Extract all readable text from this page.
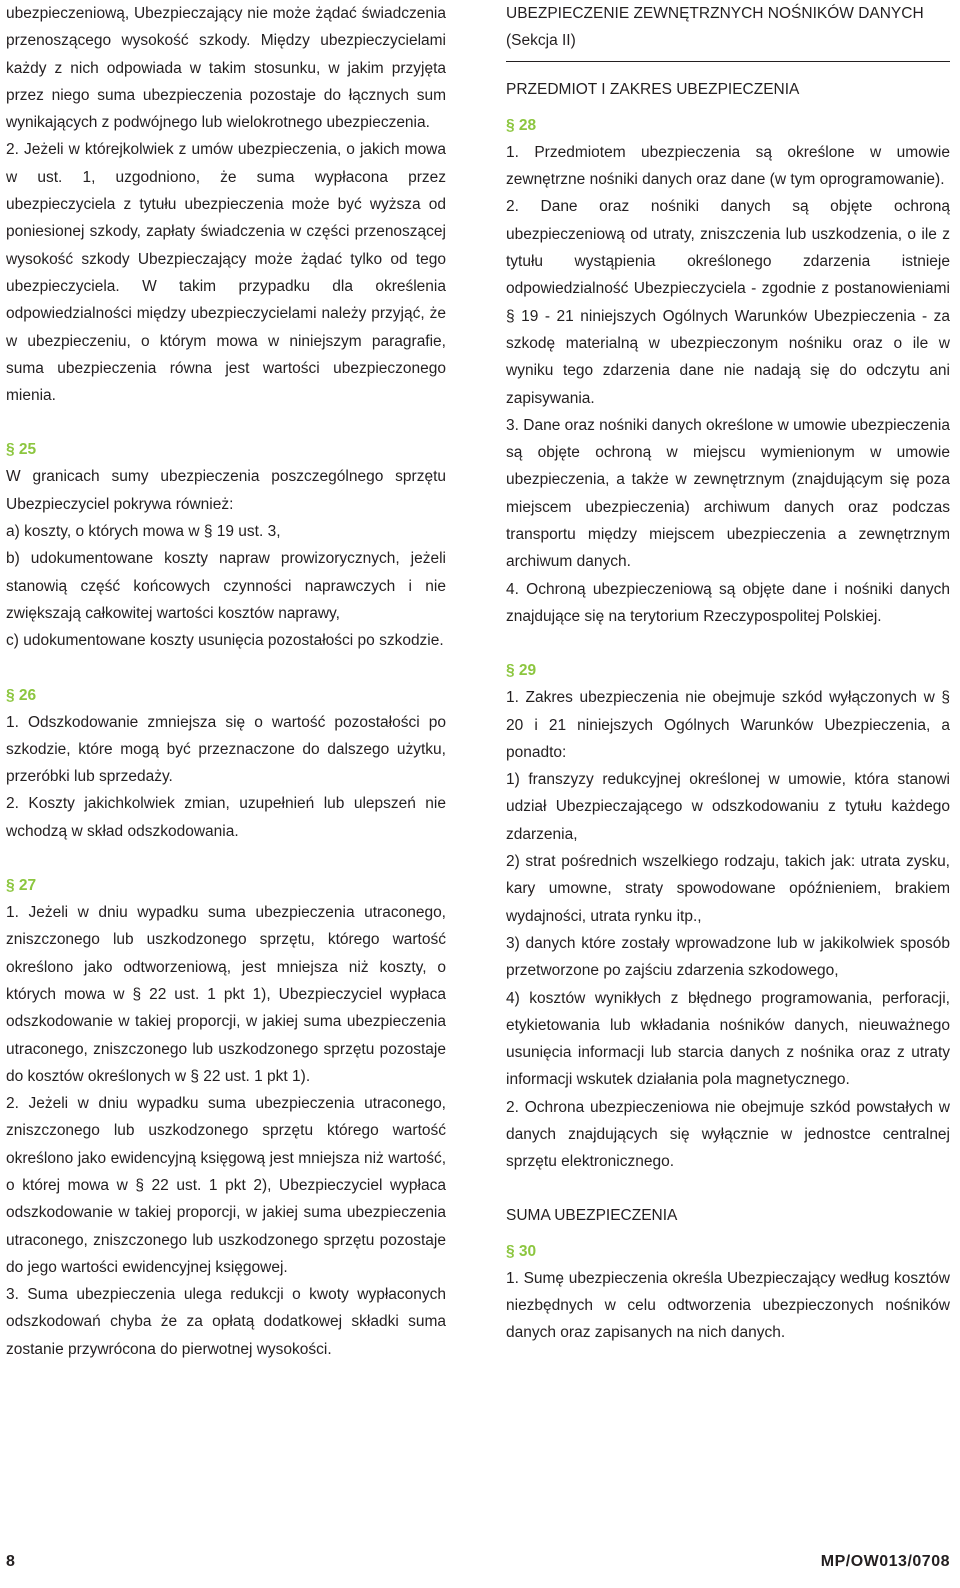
ubezpieczeniową, Ubezpieczający nie może żądać świadczenia przenoszącego wysokość szkody. Między ubezpieczycielami każdy z nich odpowiada w takim stosunku, w jakim przyjęta przez niego suma ubezpieczenia pozostaje do łącznych sum wynikających z podwójnego lub wielokrotnego ubezpieczenia.

2. Jeżeli w którejkolwiek z umów ubezpieczenia, o jakich mowa w ust. 1, uzgodniono, że suma wypłacona przez ubezpieczyciela z tytułu ubezpieczenia może być wyższa od poniesionej szkody, zapłaty świadczenia w części przenoszącej wysokość szkody Ubezpieczający może żądać tylko od tego ubezpieczyciela. W takim przypadku dla określenia odpowiedzialności między ubezpieczycielami należy przyjąć, że w ubezpieczeniu, o którym mowa w niniejszym paragrafie, suma ubezpieczenia równa jest wartości ubezpieczonego mienia.

§ 25

W granicach sumy ubezpieczenia poszczególnego sprzętu Ubezpieczyciel pokrywa również:

a) koszty, o których mowa w § 19 ust. 3,

b) udokumentowane koszty napraw prowizorycznych, jeżeli stanowią część końcowych czynności naprawczych i nie zwiększają całkowitej wartości kosztów naprawy,

c) udokumentowane koszty usunięcia pozostałości po szkodzie.

§ 26

1. Odszkodowanie zmniejsza się o wartość pozostałości po szkodzie, które mogą być przeznaczone do dalszego użytku, przeróbki lub sprzedaży.

2. Koszty jakichkolwiek zmian, uzupełnień lub ulepszeń nie wchodzą w skład odszkodowania.

§ 27

1. Jeżeli w dniu wypadku suma ubezpieczenia utraconego, zniszczonego lub uszkodzonego sprzętu, którego wartość określono jako odtworzeniową, jest mniejsza niż koszty, o których mowa w § 22 ust. 1 pkt 1), Ubezpieczyciel wypłaca odszkodowanie w takiej proporcji, w jakiej suma ubezpieczenia utraconego, zniszczonego lub uszkodzonego sprzętu pozostaje do kosztów określonych w § 22 ust. 1 pkt 1).

2. Jeżeli w dniu wypadku suma ubezpieczenia utraconego, zniszczonego lub uszkodzonego sprzętu którego wartość określono jako ewidencyjną księgową jest mniejsza niż wartość, o której mowa w § 22 ust. 1 pkt 2), Ubezpieczyciel wypłaca odszkodowanie w takiej proporcji, w jakiej suma ubezpieczenia utraconego, zniszczonego lub uszkodzonego sprzętu pozostaje do jego wartości ewidencyjnej księgowej.

3. Suma ubezpieczenia ulega redukcji o kwoty wypłaconych odszkodowań chyba że za opłatą dodatkowej składki suma zostanie przywrócona do pierwotnej wysokości.

UBEZPIECZENIE ZEWNĘTRZNYCH NOŚNIKÓW DANYCH (Sekcja II)

PRZEDMIOT I ZAKRES UBEZPIECZENIA

§ 28

1. Przedmiotem ubezpieczenia są określone w umowie zewnętrzne nośniki danych oraz dane (w tym oprogramowanie).

2. Dane oraz nośniki danych są objęte ochroną ubezpieczeniową od utraty, zniszczenia lub uszkodzenia, o ile z tytułu wystąpienia określonego zdarzenia istnieje odpowiedzialność Ubezpieczyciela - zgodnie z postanowieniami § 19 - 21 niniejszych Ogólnych Warunków Ubezpieczenia - za szkodę materialną w ubezpieczonym nośniku oraz o ile w wyniku tego zdarzenia dane nie nadają się do odczytu ani zapisywania.

3. Dane oraz nośniki danych określone w umowie ubezpieczenia są objęte ochroną w miejscu wymienionym w umowie ubezpieczenia, a także w zewnętrznym (znajdującym się poza miejscem ubezpieczenia) archiwum danych oraz podczas transportu między miejscem ubezpieczenia a zewnętrznym archiwum danych.

4. Ochroną ubezpieczeniową są objęte dane i nośniki danych znajdujące się na terytorium Rzeczypospolitej Polskiej.

§ 29

1. Zakres ubezpieczenia nie obejmuje szkód wyłączonych w § 20 i 21 niniejszych Ogólnych Warunków Ubezpieczenia, a ponadto:

1) franszyzy redukcyjnej określonej w umowie, która stanowi udział Ubezpieczającego w odszkodowaniu z tytułu każdego zdarzenia,

2) strat pośrednich wszelkiego rodzaju, takich jak: utrata zysku, kary umowne, straty spowodowane opóźnieniem, brakiem wydajności, utrata rynku itp.,

3) danych które zostały wprowadzone lub w jakikolwiek sposób przetworzone po zajściu zdarzenia szkodowego,

4) kosztów wynikłych z błędnego programowania, perforacji, etykietowania lub wkładania nośników danych, nieuważnego usunięcia informacji lub starcia danych z nośnika oraz z utraty informacji wskutek działania pola magnetycznego.

2. Ochrona ubezpieczeniowa nie obejmuje szkód powstałych w danych znajdujących się wyłącznie w jednostce centralnej sprzętu elektronicznego.

SUMA UBEZPIECZENIA

§ 30

1. Sumę ubezpieczenia określa Ubezpieczający według kosztów niezbędnych w celu odtworzenia ubezpieczonych nośników danych oraz zapisanych na nich danych.

8	MP/OW013/0708
